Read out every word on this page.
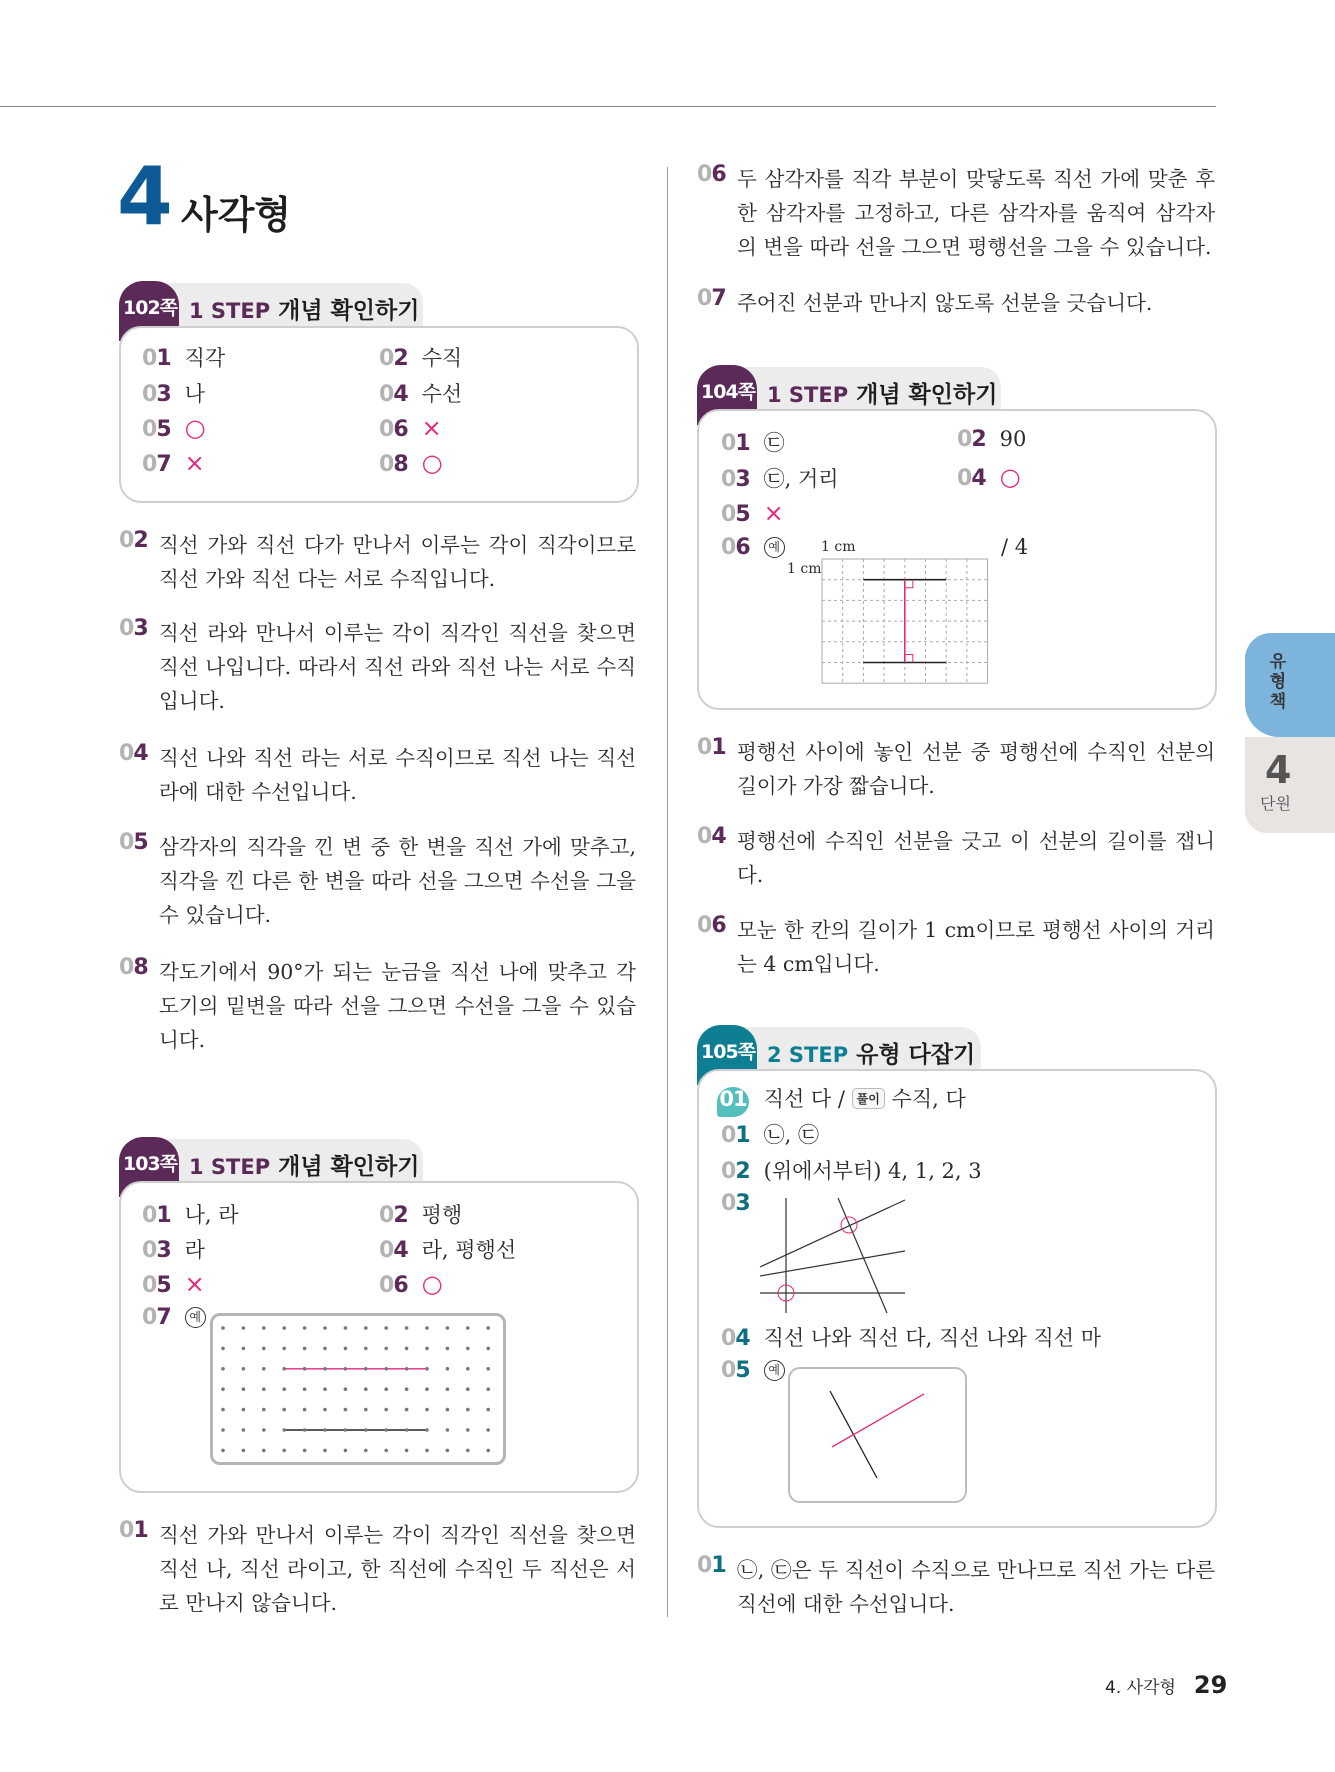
4 사각형
102쪽 1 STEP 개념 확인하기
01 직각	02 수직
03 나	04 수선
05 ○	06 ×
07 ×	08 ○
02 직선 가와 직선 다가 만나서 이루는 각이 직각이므로 직선 가와 직선 다는 서로 수직입니다.
03 직선 라와 만나서 이루는 각이 직각인 직선을 찾으면 직선 나입니다. 따라서 직선 라와 직선 나는 서로 수직입니다.
04 직선 나와 직선 라는 서로 수직이므로 직선 나는 직선 라에 대한 수선입니다.
05 삼각자의 직각을 낀 변 중 한 변을 직선 가에 맞추고, 직각을 낀 다른 한 변을 따라 선을 그으면 수선을 그을 수 있습니다.
08 각도기에서 90°가 되는 눈금을 직선 나에 맞추고 각도기의 밑변을 따라 선을 그으면 수선을 그을 수 있습니다.
103쪽 1 STEP 개념 확인하기
01 나, 라	02 평행
03 라	04 라, 평행선
05 ×	06 ○
07 예
01 직선 가와 만나서 이루는 각이 직각인 직선을 찾으면 직선 나, 직선 라이고, 한 직선에 수직인 두 직선은 서로 만나지 않습니다.
06 두 삼각자를 직각 부분이 맞닿도록 직선 가에 맞춘 후 한 삼각자를 고정하고, 다른 삼각자를 움직여 삼각자의 변을 따라 선을 그으면 평행선을 그을 수 있습니다.
07 주어진 선분과 만나지 않도록 선분을 긋습니다.
104쪽 1 STEP 개념 확인하기
01 ㉢	02 90
03 ㉢, 거리	04 ○
05 ×
06 예	/ 4
1 cm
1 cm
01 평행선 사이에 놓인 선분 중 평행선에 수직인 선분의 길이가 가장 짧습니다.
04 평행선에 수직인 선분을 긋고 이 선분의 길이를 잽니다.
06 모눈 한 칸의 길이가 1 cm이므로 평행선 사이의 거리는 4 cm입니다.
105쪽 2 STEP 유형 다잡기
01 직선 다 / 풀이 수직, 다
01 ㉡, ㉢
02 (위에서부터) 4, 1, 2, 3
03
04 직선 나와 직선 다, 직선 나와 직선 마
05 예
01 ㉡, ㉢은 두 직선이 수직으로 만나므로 직선 가는 다른 직선에 대한 수선입니다.
유형책
4
단원
4. 사각형 29
